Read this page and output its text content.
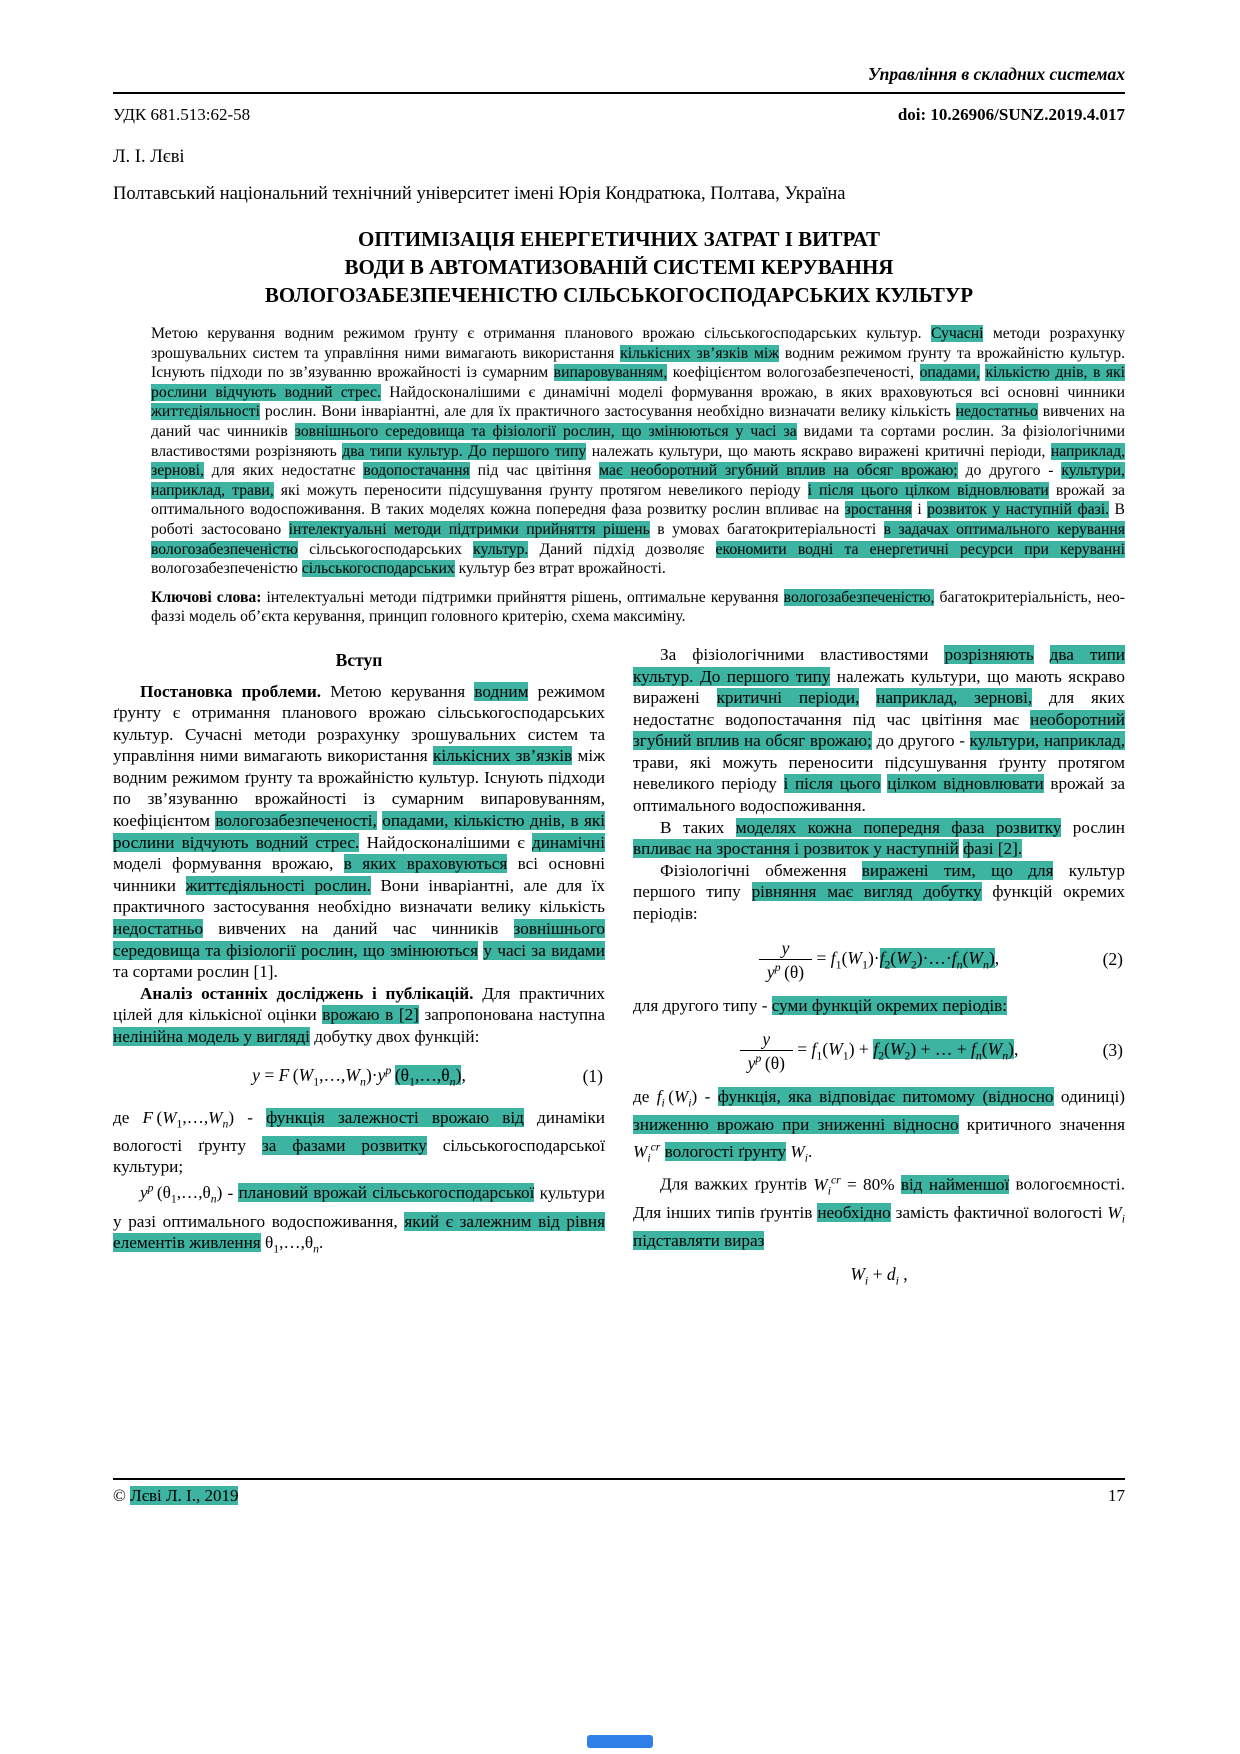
Управління в складних системах
УДК 681.513:62-58	doi: 10.26906/SUNZ.2019.4.017
Л. І. Лєві
Полтавський національний технічний університет імені Юрія Кондратюка, Полтава, Україна
ОПТИМІЗАЦІЯ ЕНЕРГЕТИЧНИХ ЗАТРАТ І ВИТРАТ
ВОДИ В АВТОМАТИЗОВАНІЙ СИСТЕМІ КЕРУВАННЯ
ВОЛОГОЗАБЕЗПЕЧЕНІСТЮ СІЛЬСЬКОГОСПОДАРСЬКИХ КУЛЬТУР

Метою керування водним режимом ґрунту є отримання планового врожаю сільськогосподарських культур. Сучасні методи розрахунку зрошувальних систем та управління ними вимагають використання кількісних зв’язків між водним режимом ґрунту та врожайністю культур. Існують підходи по зв’язуванню врожайності із сумарним випаровуванням, коефіцієнтом вологозабезпеченості, опадами, кількістю днів, в які рослини відчують водний стрес. Найдосконалішими є динамічні моделі формування врожаю, в яких враховуються всі основні чинники життєдіяльності рослин. Вони інваріантні, але для їх практичного застосування необхідно визначати велику кількість недостатньо вивчених на даний час чинників зовнішнього середовища та фізіології рослин, що змінюються у часі за видами та сортами рослин. За фізіологічними властивостями розрізняють два типи культур. До першого типу належать культури, що мають яскраво виражені критичні періоди, наприклад, зернові, для яких недостатнє водопостачання під час цвітіння має необоротний згубний вплив на обсяг врожаю; до другого - культури, наприклад, трави, які можуть переносити підсушування ґрунту протягом невеликого періоду і після цього цілком відновлювати врожай за оптимального водоспоживання. В таких моделях кожна попередня фаза розвитку рослин впливає на зростання і розвиток у наступній фазі. В роботі застосовано інтелектуальні методи підтримки прийняття рішень в умовах багатокритеріальності в задачах оптимального керування вологозабезпеченістю сільськогосподарських культур. Даний підхід дозволяє економити водні та енергетичні ресурси при керуванні вологозабезпеченістю сільськогосподарських культур без втрат врожайності.

Ключові слова: інтелектуальні методи підтримки прийняття рішень, оптимальне керування вологозабезпеченістю, багатокритеріальність, нео-фаззі модель об’єкта керування, принцип головного критерію, схема максиміну.

Вступ

Постановка проблеми. Метою керування водним режимом ґрунту є отримання планового врожаю сільськогосподарських культур. Сучасні методи розрахунку зрошувальних систем та управління ними вимагають використання кількісних зв’язків між водним режимом ґрунту та врожайністю культур. Існують підходи по зв’язуванню врожайності із сумарним випаровуванням, коефіцієнтом вологозабезпеченості, опадами, кількістю днів, в які рослини відчують водний стрес. Найдосконалішими є динамічні моделі формування врожаю, в яких враховуються всі основні чинники життєдіяльності рослин. Вони інваріантні, але для їх практичного застосування необхідно визначати велику кількість недостатньо вивчених на даний час чинників зовнішнього середовища та фізіології рослин, що змінюються у часі за видами та сортами рослин [1].

Аналіз останніх досліджень і публікацій. Для практичних цілей для кількісної оцінки врожаю в [2] запропонована наступна нелінійна модель у вигляді добутку двох функцій:

y = F $(W_1,\dots,W_n)\cdot y^p$  $(\theta_1,\dots,\theta_n)$,	(1)

де F $(W_1,\dots,W_n)$ - функція залежності врожаю від динаміки вологості ґрунту за фазами розвитку сільськогосподарської культури;

$y^p$ $(\theta_1,\dots,\theta_n)$ - плановий врожай сільськогосподарської культури у разі оптимального водоспоживання, який є залежним від рівня елементів живлення $\theta_1,\dots,\theta_n$.

За фізіологічними властивостями розрізняють два типи культур. До першого типу належать культури, що мають яскраво виражені критичні періоди, наприклад, зернові, для яких недостатнє водопостачання під час цвітіння має необоротний згубний вплив на обсяг врожаю; до другого - культури, наприклад, трави, які можуть переносити підсушування ґрунту протягом невеликого періоду і після цього цілком відновлювати врожай за оптимального водоспоживання.

В таких моделях кожна попередня фаза розвитку рослин впливає на зростання і розвиток у наступній фазі [2].

Фізіологічні обмеження виражені тим, що для культур першого типу рівняння має вигляд добутку функцій окремих періодів:

$\frac{y}{y^p (\theta)}$ = $f_1(W_1)\cdot f_2(W_2)\cdot\dots\cdot f_n(W_n)$,	(2)

для другого типу - суми функцій окремих періодів:

$\frac{y}{y^p (\theta)} = f_1(W_1) + f_2(W_2)$ + … + $f_n(W_n)$,	(3)

де $f_i$ $(W_i)$ - функція, яка відповідає питомому (відносно одиниці) зниженню врожаю при зниженні відносно критичного значення $W_i^{cr}$ вологості ґрунту $W_i$.

Для важких ґрунтів $W_i^{cr} = 80\%$ від найменшої вологоємності. Для інших типів ґрунтів необхідно замість фактичної вологості $W_i$ підставляти вираз

$W_i + d_i$ ,
© Лєві Л. І., 2019	17
